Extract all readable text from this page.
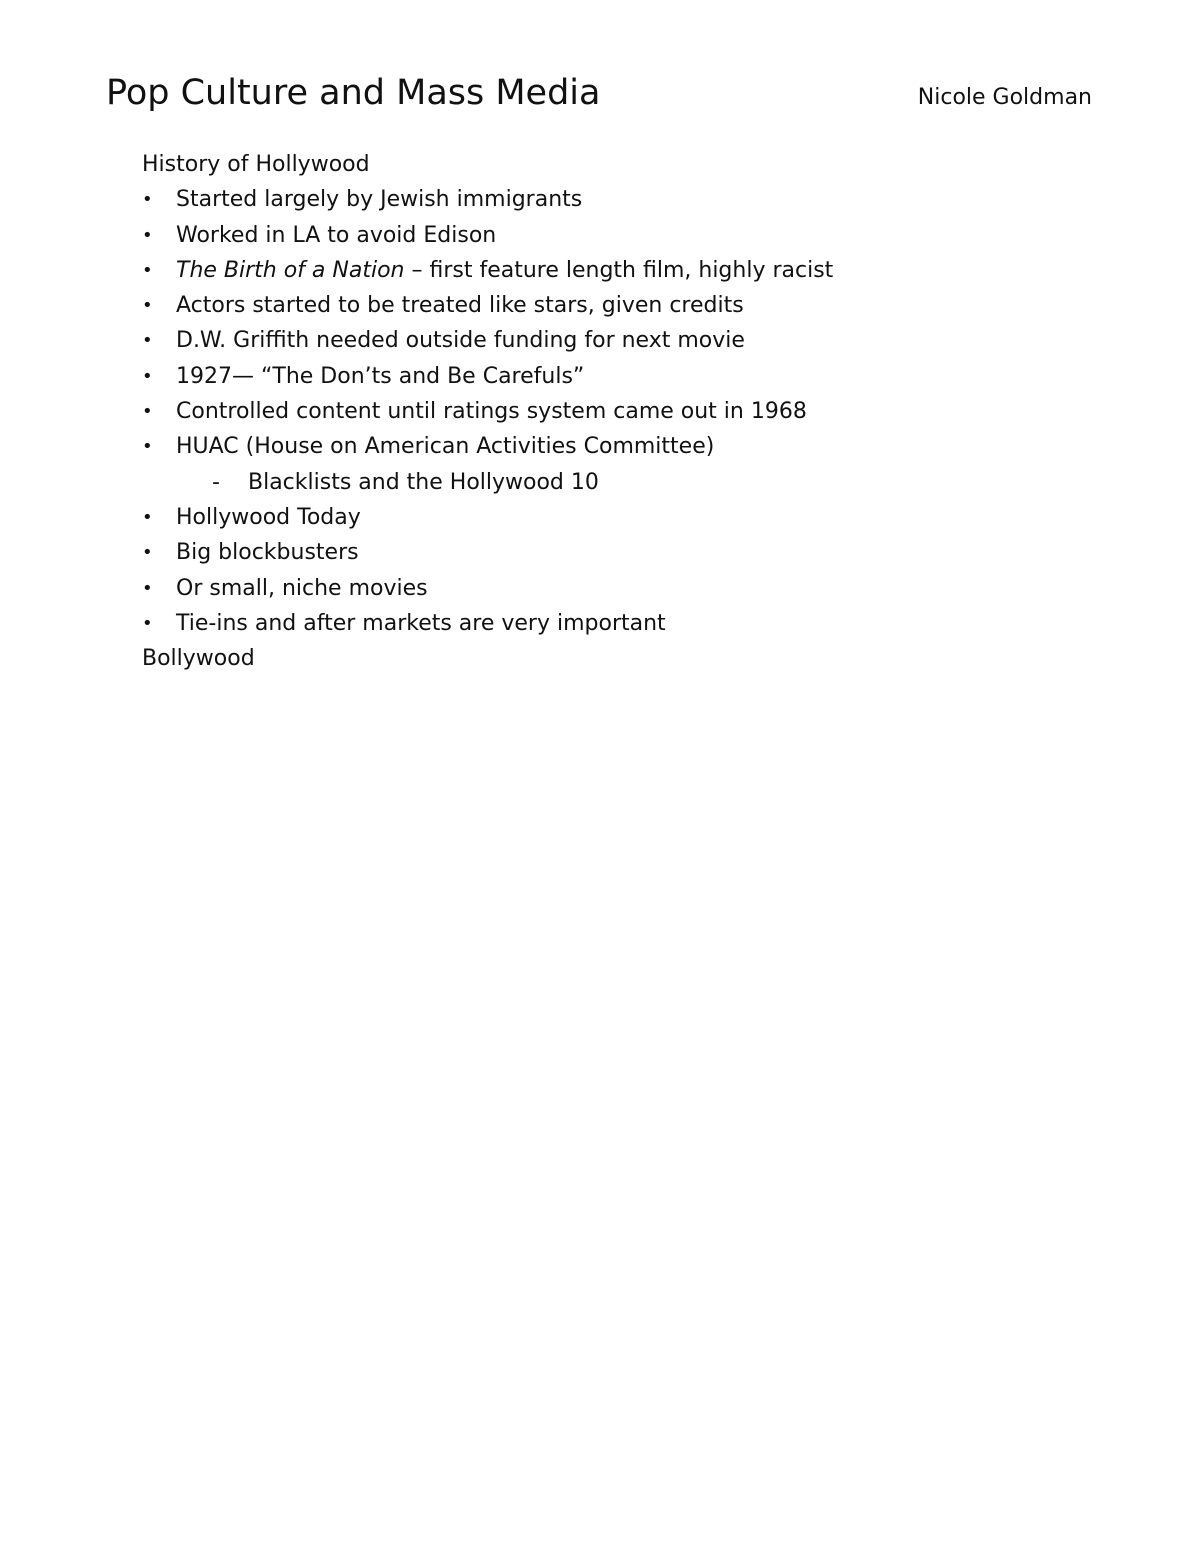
Pop Culture and Mass Media	Nicole Goldman
History of Hollywood
• Started largely by Jewish immigrants
• Worked in LA to avoid Edison
• The Birth of a Nation – first feature length film, highly racist
• Actors started to be treated like stars, given credits
• D.W. Griffith needed outside funding for next movie
• 1927— “The Don’ts and Be Carefuls”
• Controlled content until ratings system came out in 1968
• HUAC (House on American Activities Committee)
- Blacklists and the Hollywood 10
• Hollywood Today
• Big blockbusters
• Or small, niche movies
• Tie-ins and after markets are very important
Bollywood
